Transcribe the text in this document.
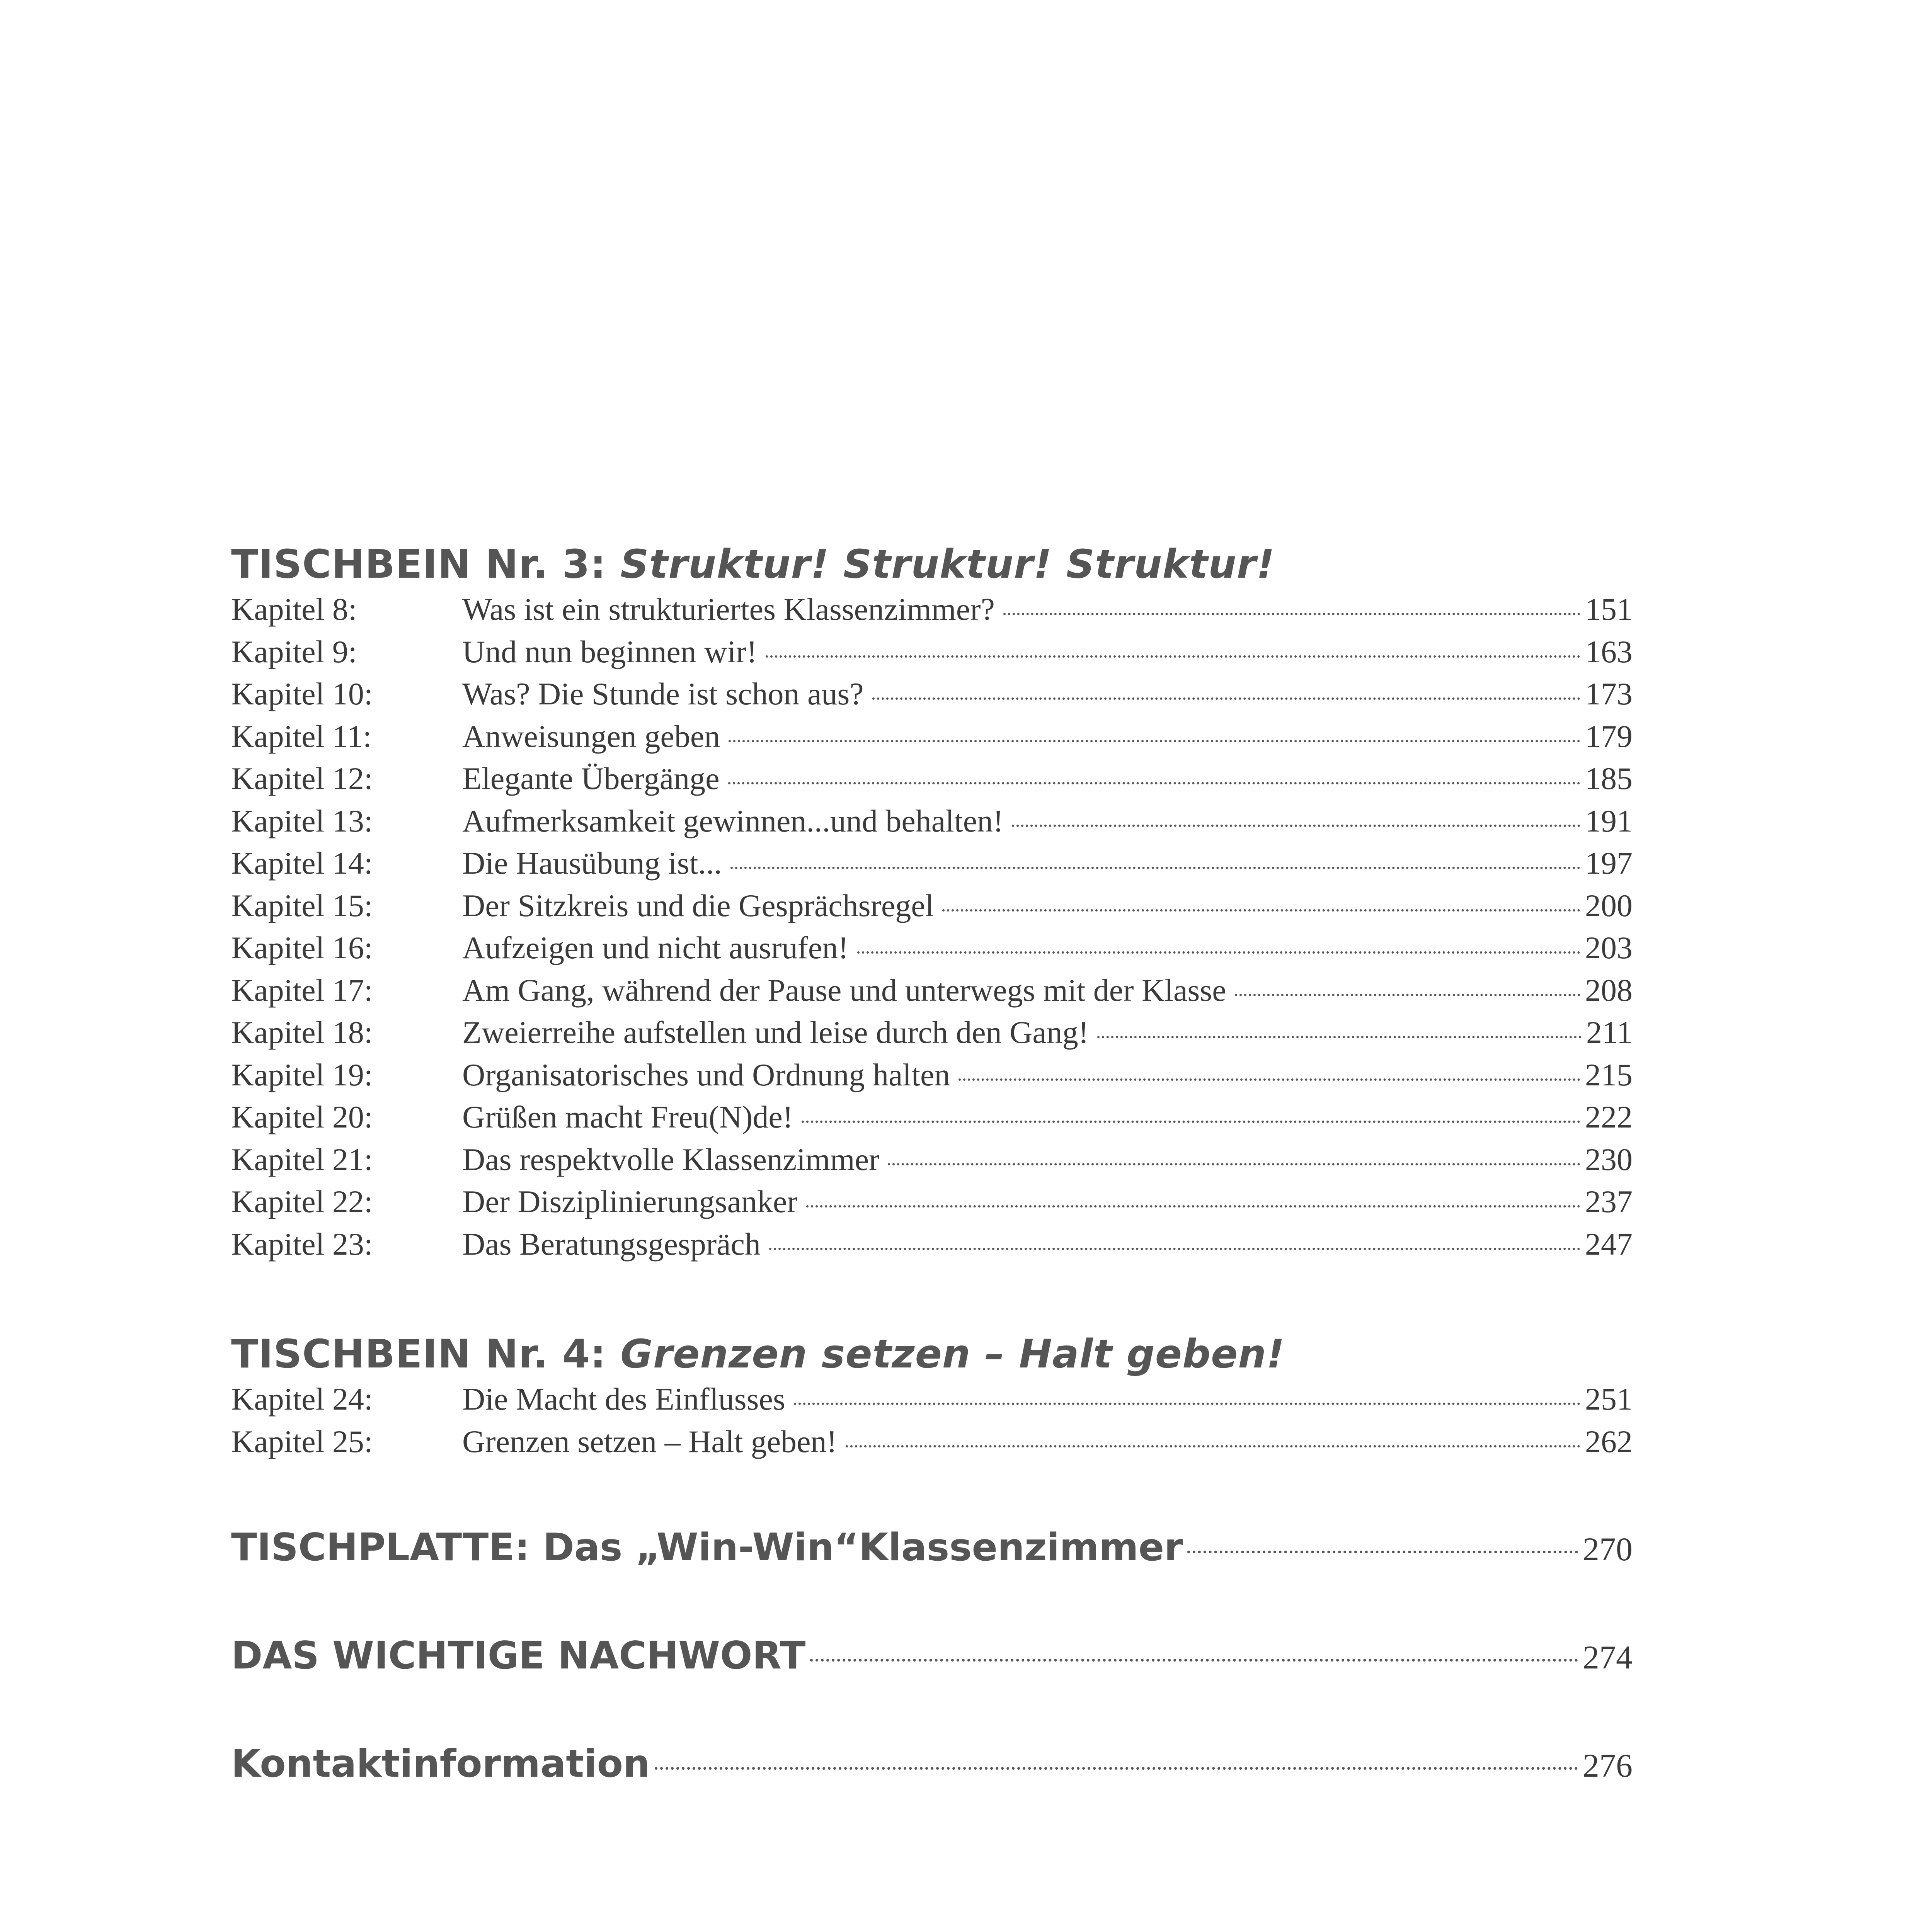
TISCHBEIN Nr. 3: Struktur! Struktur! Struktur!
Kapitel 8:	Was ist ein strukturiertes Klassenzimmer?	151
Kapitel 9:	Und nun beginnen wir!	163
Kapitel 10:	Was? Die Stunde ist schon aus?	173
Kapitel 11:	Anweisungen geben	179
Kapitel 12:	Elegante Übergänge	185
Kapitel 13:	Aufmerksamkeit gewinnen...und behalten!	191
Kapitel 14:	Die Hausübung ist...	197
Kapitel 15:	Der Sitzkreis und die Gesprächsregel	200
Kapitel 16:	Aufzeigen und nicht ausrufen!	203
Kapitel 17:	Am Gang, während der Pause und unterwegs mit der Klasse	208
Kapitel 18:	Zweierreihe aufstellen und leise durch den Gang!	211
Kapitel 19:	Organisatorisches und Ordnung halten	215
Kapitel 20:	Grüßen macht Freu(N)de!	222
Kapitel 21:	Das respektvolle Klassenzimmer	230
Kapitel 22:	Der Disziplinierungsanker	237
Kapitel 23:	Das Beratungsgespräch	247
TISCHBEIN Nr. 4: Grenzen setzen – Halt geben!
Kapitel 24:	Die Macht des Einflusses	251
Kapitel 25:	Grenzen setzen – Halt geben!	262
TISCHPLATTE: Das „Win-Win“Klassenzimmer	270
DAS WICHTIGE NACHWORT	274
Kontaktinformation	276
